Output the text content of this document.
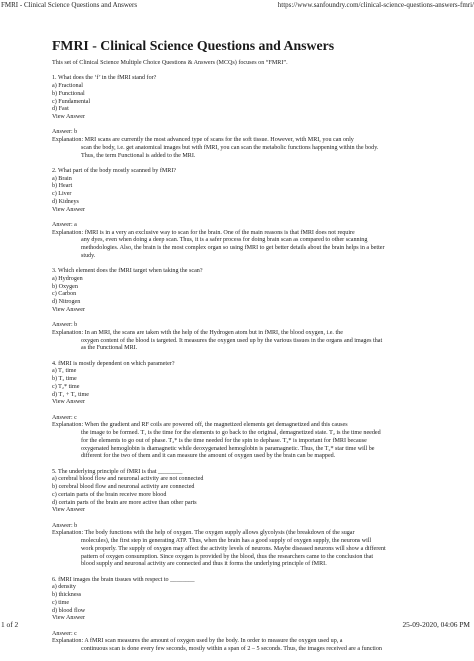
FMRI - Clinical Science Questions and Answers	https://www.sanfoundry.com/clinical-science-questions-answers-fmri/
FMRI - Clinical Science Questions and Answers

This set of Clinical Science Multiple Choice Questions & Answers (MCQs) focuses on “FMRI”.

1. What does the ‘f’ in the fMRI stand for?

a) Fractional

b) Functional

c) Fundamental

d) Fast

View Answer

Answer: b

Explanation: MRI scans are currently the most advanced type of scans for the soft tissue. However, with MRI, you can only

scan the body, i.e. get anatomical images but with fMRI, you can scan the metabolic functions happening within the body.

Thus, the term Functional is added to the MRI.

2. What part of the body mostly scanned by fMRI?

a) Brain

b) Heart

c) Liver

d) Kidneys

View Answer

Answer: a

Explanation: fMRI is in a very an exclusive way to scan for the brain. One of the main reasons is that fMRI does not require

any dyes, even when doing a deep scan. Thus, it is a safer process for doing brain scan as compared to other scanning

methodologies. Also, the brain is the most complex organ so using fMRI to get better details about the brain helps in a better

study.

3. Which element does the fMRI target when taking the scan?

a) Hydrogen

b) Oxygen

c) Carbon

d) Nitrogen

View Answer

Answer: b

Explanation: In an MRI, the scans are taken with the help of the Hydrogen atom but in fMRI, the blood oxygen, i.e. the

oxygen content of the blood is targeted. It measures the oxygen used up by the various tissues in the organs and images that

as the Functional MRI.

4. fMRI is mostly dependent on which parameter?

a) T₁ time

b) T₂ time

c) T₂* time

d) T₁ + T₂ time

View Answer

Answer: c

Explanation: When the gradient and RF coils are powered off, the magnetized elements get demagnetized and this causes

the image to be formed. T₁ is the time for the elements to go back to the original, demagnetized state. T₂ is the time needed

for the elements to go out of phase. T₂* is the time needed for the spin to dephase. T₂* is important for fMRI because

oxygenated hemoglobin is diamagnetic while deoxygenated hemoglobin is paramagnetic. Thus, the T₂* star time will be

different for the two of them and it can measure the amount of oxygen used by the brain can be mapped.

5. The underlying principle of fMRI is that ________

a) cerebral blood flow and neuronal activity are not connected

b) cerebral blood flow and neuronal activity are connected

c) certain parts of the brain receive more blood

d) certain parts of the brain are more active than other parts

View Answer

Answer: b

Explanation: The body functions with the help of oxygen. The oxygen supply allows glycolysis (the breakdown of the sugar

molecules), the first step in generating ATP. Thus, when the brain has a good supply of oxygen supply, the neurons will

work properly. The supply of oxygen may affect the activity levels of neurons. Maybe diseased neurons will show a different

pattern of oxygen consumption. Since oxygen is provided by the blood, thus the researchers came to the conclusion that

blood supply and neuronal activity are connected and thus it forms the underlying principle of fMRI.

6. fMRI images the brain tissues with respect to ________

a) density

b) thickness

c) time

d) blood flow

View Answer

Answer: c

Explanation: A fMRI scan measures the amount of oxygen used by the body. In order to measure the oxygen used up, a

continuous scan is done every few seconds, mostly within a span of 2 – 5 seconds. Thus, the images received are a function

1 of 2	25-09-2020, 04:06 PM
